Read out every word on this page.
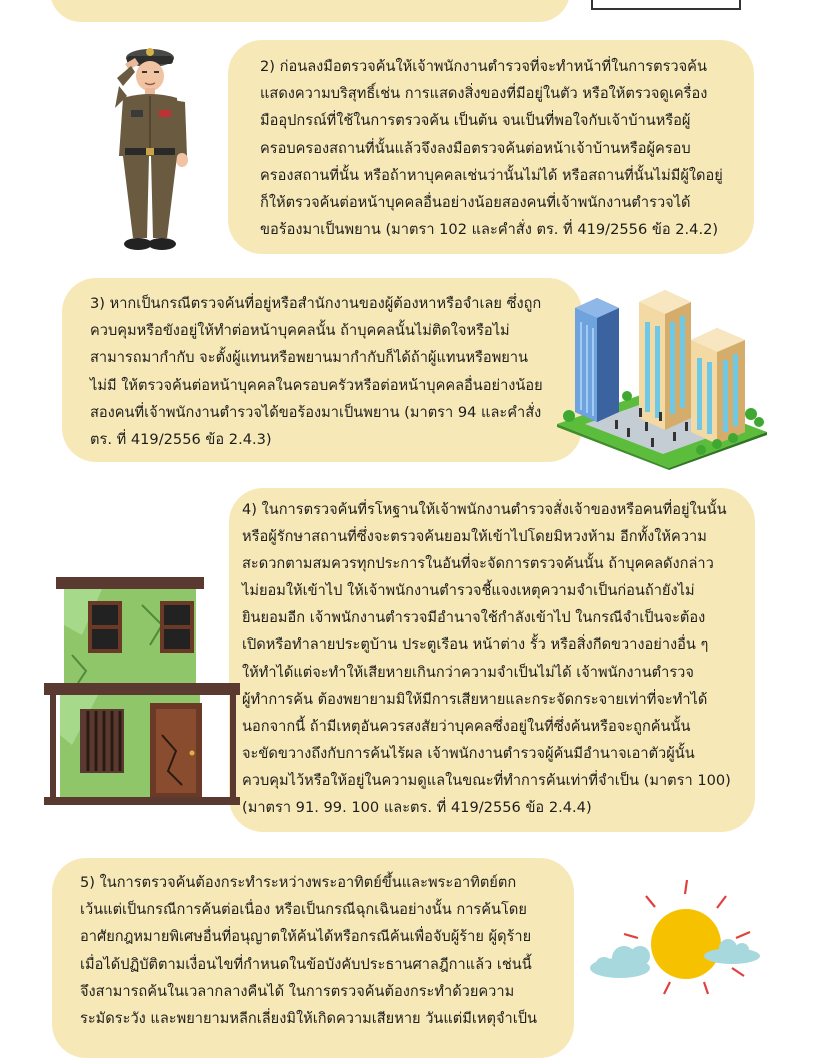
2) ก่อนลงมือตรวจค้นให้เจ้าพนักงานตำรวจที่จะทำหน้าที่ในการตรวจค้น
แสดงความบริสุทธิ์เช่น การแสดงสิ่งของที่มีอยู่ในตัว หรือให้ตรวจดูเครื่อง
มืออุปกรณ์ที่ใช้ในการตรวจค้น เป็นต้น จนเป็นที่พอใจกับเจ้าบ้านหรือผู้
ครอบครองสถานที่นั้นแล้วจึงลงมือตรวจค้นต่อหน้าเจ้าบ้านหรือผู้ครอบ
ครองสถานที่นั้น หรือถ้าหาบุคคลเช่นว่านั้นไม่ได้ หรือสถานที่นั้นไม่มีผู้ใดอยู่
ก็ให้ตรวจค้นต่อหน้าบุคคลอื่นอย่างน้อยสองคนที่เจ้าพนักงานตำรวจได้
ขอร้องมาเป็นพยาน (มาตรา 102 และคำสั่ง ตร. ที่ 419/2556 ข้อ 2.4.2)

3) หากเป็นกรณีตรวจค้นที่อยู่หรือสำนักงานของผู้ต้องหาหรือจำเลย ซึ่งถูก
ควบคุมหรือขังอยู่ให้ทำต่อหน้าบุคคลนั้น ถ้าบุคคลนั้นไม่ติดใจหรือไม่
สามารถมากำกับ จะตั้งผู้แทนหรือพยานมากำกับก็ได้ถ้าผู้แทนหรือพยาน
ไม่มี ให้ตรวจค้นต่อหน้าบุคคลในครอบครัวหรือต่อหน้าบุคคลอื่นอย่างน้อย
สองคนที่เจ้าพนักงานตำรวจได้ขอร้องมาเป็นพยาน (มาตรา 94 และคำสั่ง
ตร. ที่ 419/2556 ข้อ 2.4.3)

4) ในการตรวจค้นที่รโหฐานให้เจ้าพนักงานตำรวจสั่งเจ้าของหรือคนที่อยู่ในนั้น
หรือผู้รักษาสถานที่ซึ่งจะตรวจค้นยอมให้เข้าไปโดยมิหวงห้าม อีกทั้งให้ความ
สะดวกตามสมควรทุกประการในอันที่จะจัดการตรวจค้นนั้น ถ้าบุคคลดังกล่าว
ไม่ยอมให้เข้าไป ให้เจ้าพนักงานตำรวจชี้แจงเหตุความจำเป็นก่อนถ้ายังไม่
ยินยอมอีก เจ้าพนักงานตำรวจมีอำนาจใช้กำลังเข้าไป ในกรณีจำเป็นจะต้อง
เปิดหรือทำลายประตูบ้าน ประตูเรือน หน้าต่าง รั้ว หรือสิ่งกีดขวางอย่างอื่น ๆ
ให้ทำได้แต่จะทำให้เสียหายเกินกว่าความจำเป็นไม่ได้ เจ้าพนักงานตำรวจ
ผู้ทำการค้น ต้องพยายามมิให้มีการเสียหายและกระจัดกระจายเท่าที่จะทำได้
นอกจากนี้ ถ้ามีเหตุอันควรสงสัยว่าบุคคลซึ่งอยู่ในที่ซึ่งค้นหรือจะถูกค้นนั้น
จะขัดขวางถึงกับการค้นไร้ผล เจ้าพนักงานตำรวจผู้ค้นมีอำนาจเอาตัวผู้นั้น
ควบคุมไว้หรือให้อยู่ในความดูแลในขณะที่ทำการค้นเท่าที่จำเป็น (มาตรา 100)
(มาตรา 91. 99. 100 และตร. ที่ 419/2556 ข้อ 2.4.4)

5) ในการตรวจค้นต้องกระทำระหว่างพระอาทิตย์ขึ้นและพระอาทิตย์ตก
เว้นแต่เป็นกรณีการค้นต่อเนื่อง หรือเป็นกรณีฉุกเฉินอย่างนั้น การค้นโดย
อาศัยกฎหมายพิเศษอื่นที่อนุญาตให้ค้นได้หรือกรณีค้นเพื่อจับผู้ร้าย ผู้ดุร้าย
เมื่อได้ปฏิบัติตามเงื่อนไขที่กำหนดในข้อบังคับประธานศาลฎีกาแล้ว เช่นนี้
จึงสามารถค้นในเวลากลางคืนได้ ในการตรวจค้นต้องกระทำด้วยความ
ระมัดระวัง และพยายามหลีกเลี่ยงมิให้เกิดความเสียหาย วันแต่มีเหตุจำเป็น
